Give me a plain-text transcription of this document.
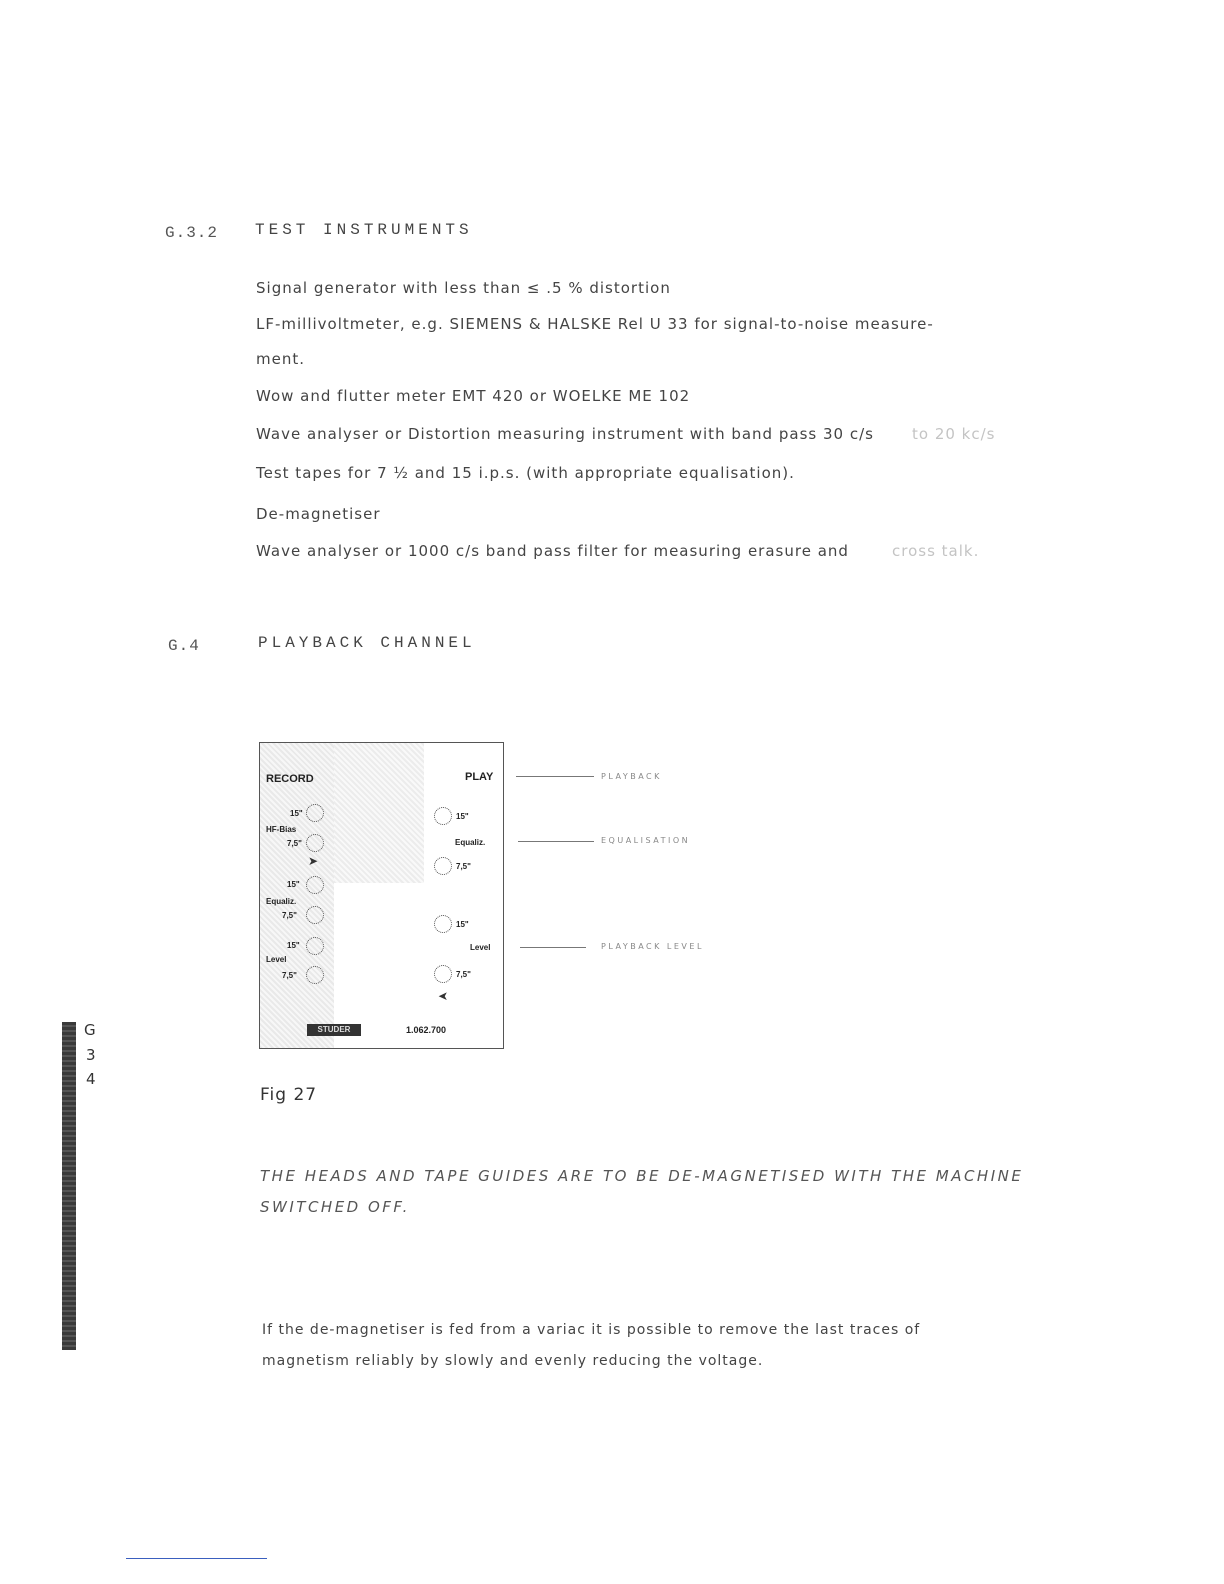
G.3.2 TEST INSTRUMENTS
Signal generator with less than ≤ .5 % distortion
LF-millivoltmeter, e.g. SIEMENS & HALSKE Rel U 33 for signal-to-noise measure-
ment.
Wow and flutter meter EMT 420 or WOELKE ME 102
Wave analyser or Distortion measuring instrument with band pass 30 c/s	to 20 kc/s
Test tapes for 7 ½ and 15 i.p.s. (with appropriate equalisation).
De-magnetiser
Wave analyser or 1000 c/s band pass filter for measuring erasure and	cross talk.
G.4	PLAYBACK CHANNEL
RECORD	PLAY
15"
HF-Bias
7,5"
➤
15"
Equaliz.
7,5"
15"
Level
7,5"
15"
Equaliz.
7,5"
15"
Level
7,5"
➤
STUDER	1.062.700
PLAYBACK
EQUALISATION
PLAYBACK LEVEL
Fig 27
THE HEADS AND TAPE GUIDES ARE TO BE DE-MAGNETISED WITH THE MACHINE
SWITCHED OFF.
If the de-magnetiser is fed from a variac it is possible to remove the last traces of
magnetism reliably by slowly and evenly reducing the voltage.
G
3
4
